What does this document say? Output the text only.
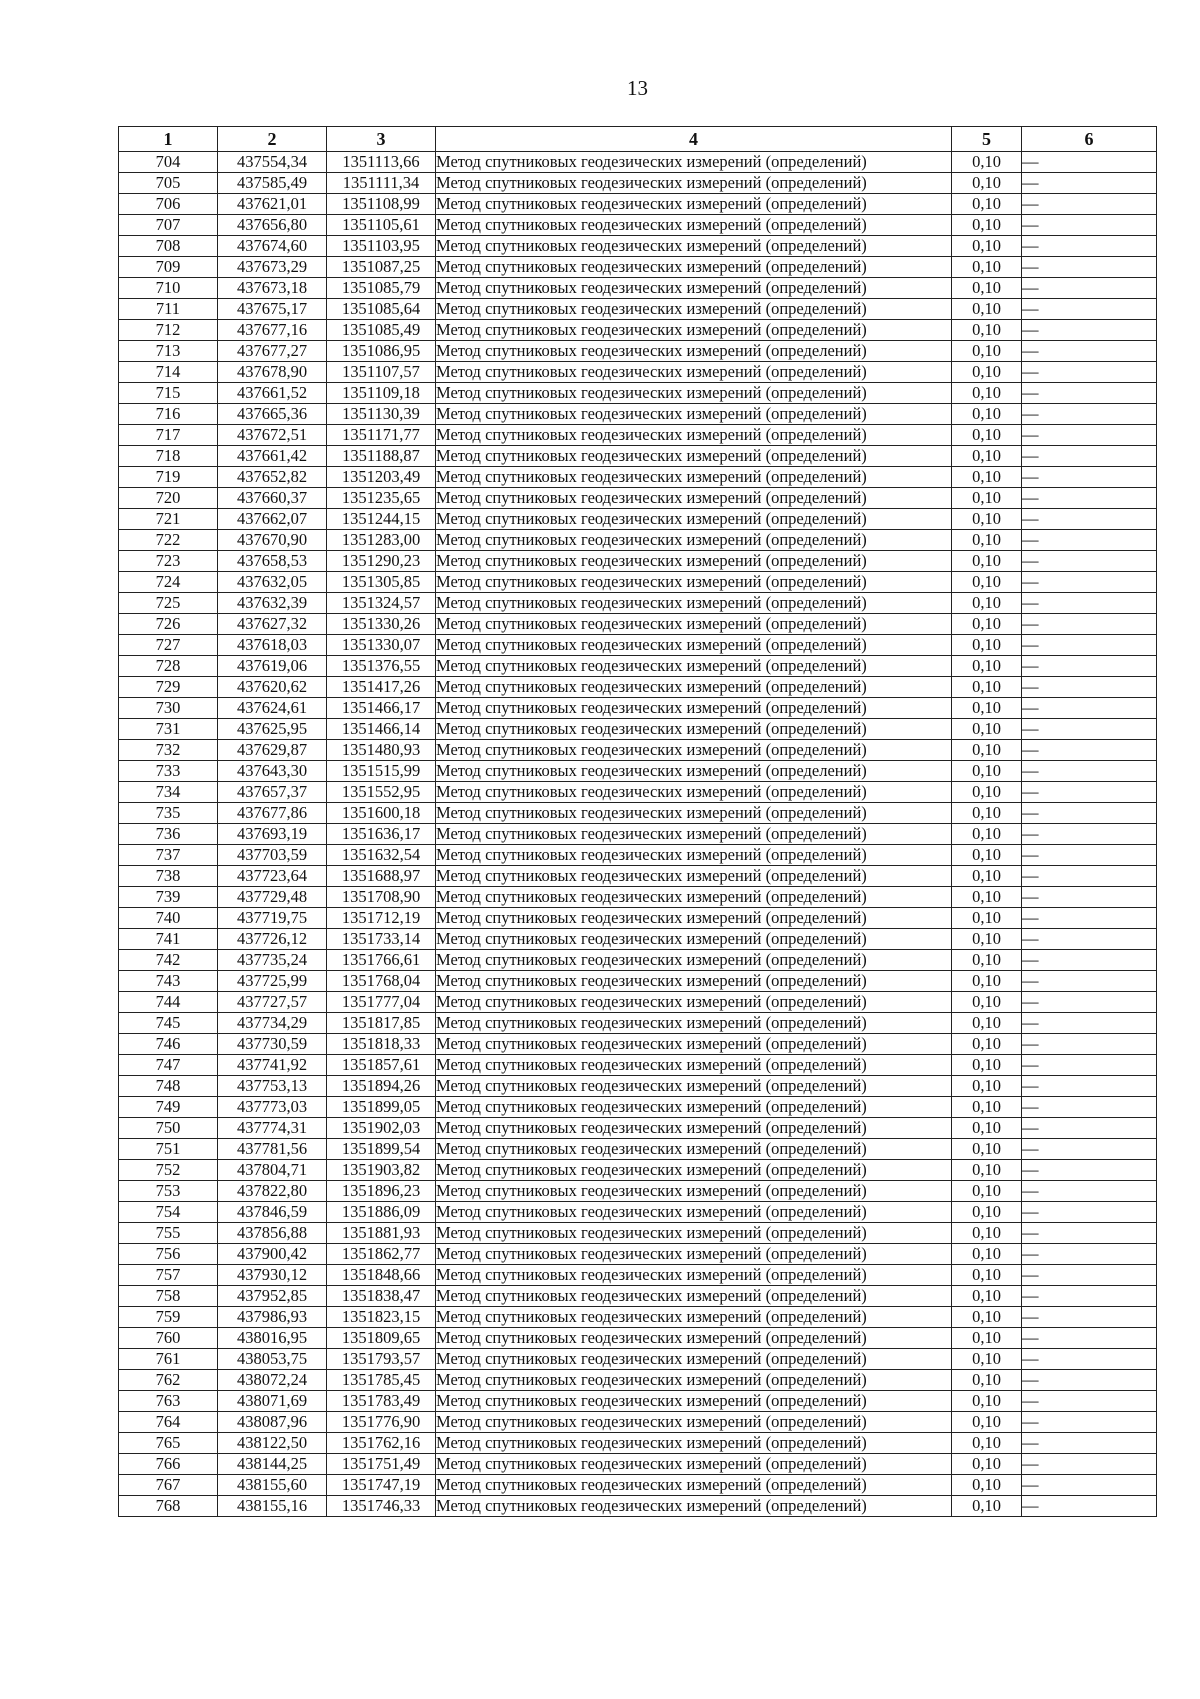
13
1	2	3	4	5	6
704	437554,34	1351113,66	Метод спутниковых геодезических измерений (определений)	0,10	—
705	437585,49	1351111,34	Метод спутниковых геодезических измерений (определений)	0,10	—
706	437621,01	1351108,99	Метод спутниковых геодезических измерений (определений)	0,10	—
707	437656,80	1351105,61	Метод спутниковых геодезических измерений (определений)	0,10	—
708	437674,60	1351103,95	Метод спутниковых геодезических измерений (определений)	0,10	—
709	437673,29	1351087,25	Метод спутниковых геодезических измерений (определений)	0,10	—
710	437673,18	1351085,79	Метод спутниковых геодезических измерений (определений)	0,10	—
711	437675,17	1351085,64	Метод спутниковых геодезических измерений (определений)	0,10	—
712	437677,16	1351085,49	Метод спутниковых геодезических измерений (определений)	0,10	—
713	437677,27	1351086,95	Метод спутниковых геодезических измерений (определений)	0,10	—
714	437678,90	1351107,57	Метод спутниковых геодезических измерений (определений)	0,10	—
715	437661,52	1351109,18	Метод спутниковых геодезических измерений (определений)	0,10	—
716	437665,36	1351130,39	Метод спутниковых геодезических измерений (определений)	0,10	—
717	437672,51	1351171,77	Метод спутниковых геодезических измерений (определений)	0,10	—
718	437661,42	1351188,87	Метод спутниковых геодезических измерений (определений)	0,10	—
719	437652,82	1351203,49	Метод спутниковых геодезических измерений (определений)	0,10	—
720	437660,37	1351235,65	Метод спутниковых геодезических измерений (определений)	0,10	—
721	437662,07	1351244,15	Метод спутниковых геодезических измерений (определений)	0,10	—
722	437670,90	1351283,00	Метод спутниковых геодезических измерений (определений)	0,10	—
723	437658,53	1351290,23	Метод спутниковых геодезических измерений (определений)	0,10	—
724	437632,05	1351305,85	Метод спутниковых геодезических измерений (определений)	0,10	—
725	437632,39	1351324,57	Метод спутниковых геодезических измерений (определений)	0,10	—
726	437627,32	1351330,26	Метод спутниковых геодезических измерений (определений)	0,10	—
727	437618,03	1351330,07	Метод спутниковых геодезических измерений (определений)	0,10	—
728	437619,06	1351376,55	Метод спутниковых геодезических измерений (определений)	0,10	—
729	437620,62	1351417,26	Метод спутниковых геодезических измерений (определений)	0,10	—
730	437624,61	1351466,17	Метод спутниковых геодезических измерений (определений)	0,10	—
731	437625,95	1351466,14	Метод спутниковых геодезических измерений (определений)	0,10	—
732	437629,87	1351480,93	Метод спутниковых геодезических измерений (определений)	0,10	—
733	437643,30	1351515,99	Метод спутниковых геодезических измерений (определений)	0,10	—
734	437657,37	1351552,95	Метод спутниковых геодезических измерений (определений)	0,10	—
735	437677,86	1351600,18	Метод спутниковых геодезических измерений (определений)	0,10	—
736	437693,19	1351636,17	Метод спутниковых геодезических измерений (определений)	0,10	—
737	437703,59	1351632,54	Метод спутниковых геодезических измерений (определений)	0,10	—
738	437723,64	1351688,97	Метод спутниковых геодезических измерений (определений)	0,10	—
739	437729,48	1351708,90	Метод спутниковых геодезических измерений (определений)	0,10	—
740	437719,75	1351712,19	Метод спутниковых геодезических измерений (определений)	0,10	—
741	437726,12	1351733,14	Метод спутниковых геодезических измерений (определений)	0,10	—
742	437735,24	1351766,61	Метод спутниковых геодезических измерений (определений)	0,10	—
743	437725,99	1351768,04	Метод спутниковых геодезических измерений (определений)	0,10	—
744	437727,57	1351777,04	Метод спутниковых геодезических измерений (определений)	0,10	—
745	437734,29	1351817,85	Метод спутниковых геодезических измерений (определений)	0,10	—
746	437730,59	1351818,33	Метод спутниковых геодезических измерений (определений)	0,10	—
747	437741,92	1351857,61	Метод спутниковых геодезических измерений (определений)	0,10	—
748	437753,13	1351894,26	Метод спутниковых геодезических измерений (определений)	0,10	—
749	437773,03	1351899,05	Метод спутниковых геодезических измерений (определений)	0,10	—
750	437774,31	1351902,03	Метод спутниковых геодезических измерений (определений)	0,10	—
751	437781,56	1351899,54	Метод спутниковых геодезических измерений (определений)	0,10	—
752	437804,71	1351903,82	Метод спутниковых геодезических измерений (определений)	0,10	—
753	437822,80	1351896,23	Метод спутниковых геодезических измерений (определений)	0,10	—
754	437846,59	1351886,09	Метод спутниковых геодезических измерений (определений)	0,10	—
755	437856,88	1351881,93	Метод спутниковых геодезических измерений (определений)	0,10	—
756	437900,42	1351862,77	Метод спутниковых геодезических измерений (определений)	0,10	—
757	437930,12	1351848,66	Метод спутниковых геодезических измерений (определений)	0,10	—
758	437952,85	1351838,47	Метод спутниковых геодезических измерений (определений)	0,10	—
759	437986,93	1351823,15	Метод спутниковых геодезических измерений (определений)	0,10	—
760	438016,95	1351809,65	Метод спутниковых геодезических измерений (определений)	0,10	—
761	438053,75	1351793,57	Метод спутниковых геодезических измерений (определений)	0,10	—
762	438072,24	1351785,45	Метод спутниковых геодезических измерений (определений)	0,10	—
763	438071,69	1351783,49	Метод спутниковых геодезических измерений (определений)	0,10	—
764	438087,96	1351776,90	Метод спутниковых геодезических измерений (определений)	0,10	—
765	438122,50	1351762,16	Метод спутниковых геодезических измерений (определений)	0,10	—
766	438144,25	1351751,49	Метод спутниковых геодезических измерений (определений)	0,10	—
767	438155,60	1351747,19	Метод спутниковых геодезических измерений (определений)	0,10	—
768	438155,16	1351746,33	Метод спутниковых геодезических измерений (определений)	0,10	—
